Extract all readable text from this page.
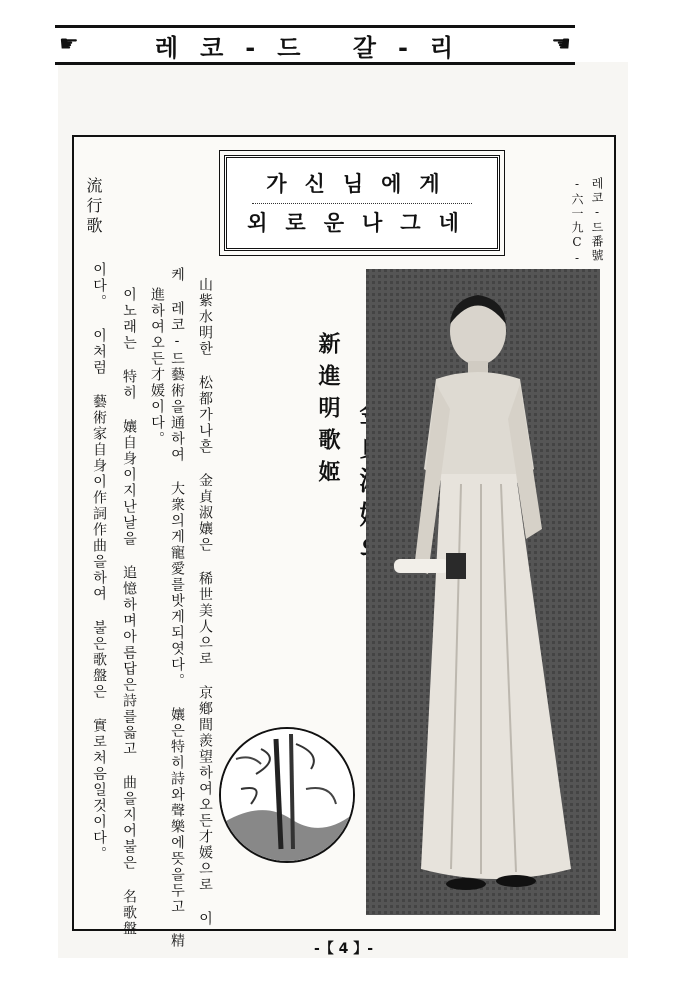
☛	레코-드 갈-리	☚
레코-드番號
-六一九C-
流行歌	가신님에게
외로운나그네
新進明歌姬
山紫水明한 松都가나흔 金貞淑孃은 稀世美人으로 京鄕間羨望하여오든才媛으로 이
케 레코-드藝術을通하여 大衆의게寵愛를밧게되엿다。 孃은特히詩와聲樂에뜻을두고 精
進하여오든才媛이다。
이노래는 特히 孃自身이지난날을 追憶하며아름답은詩를읇고 曲을지어불은 名歌盤
이다。 이처럼 藝術家自身이作詞作曲을하여 불은歌盤은 實로처음일것이다。
-【 4 】-
